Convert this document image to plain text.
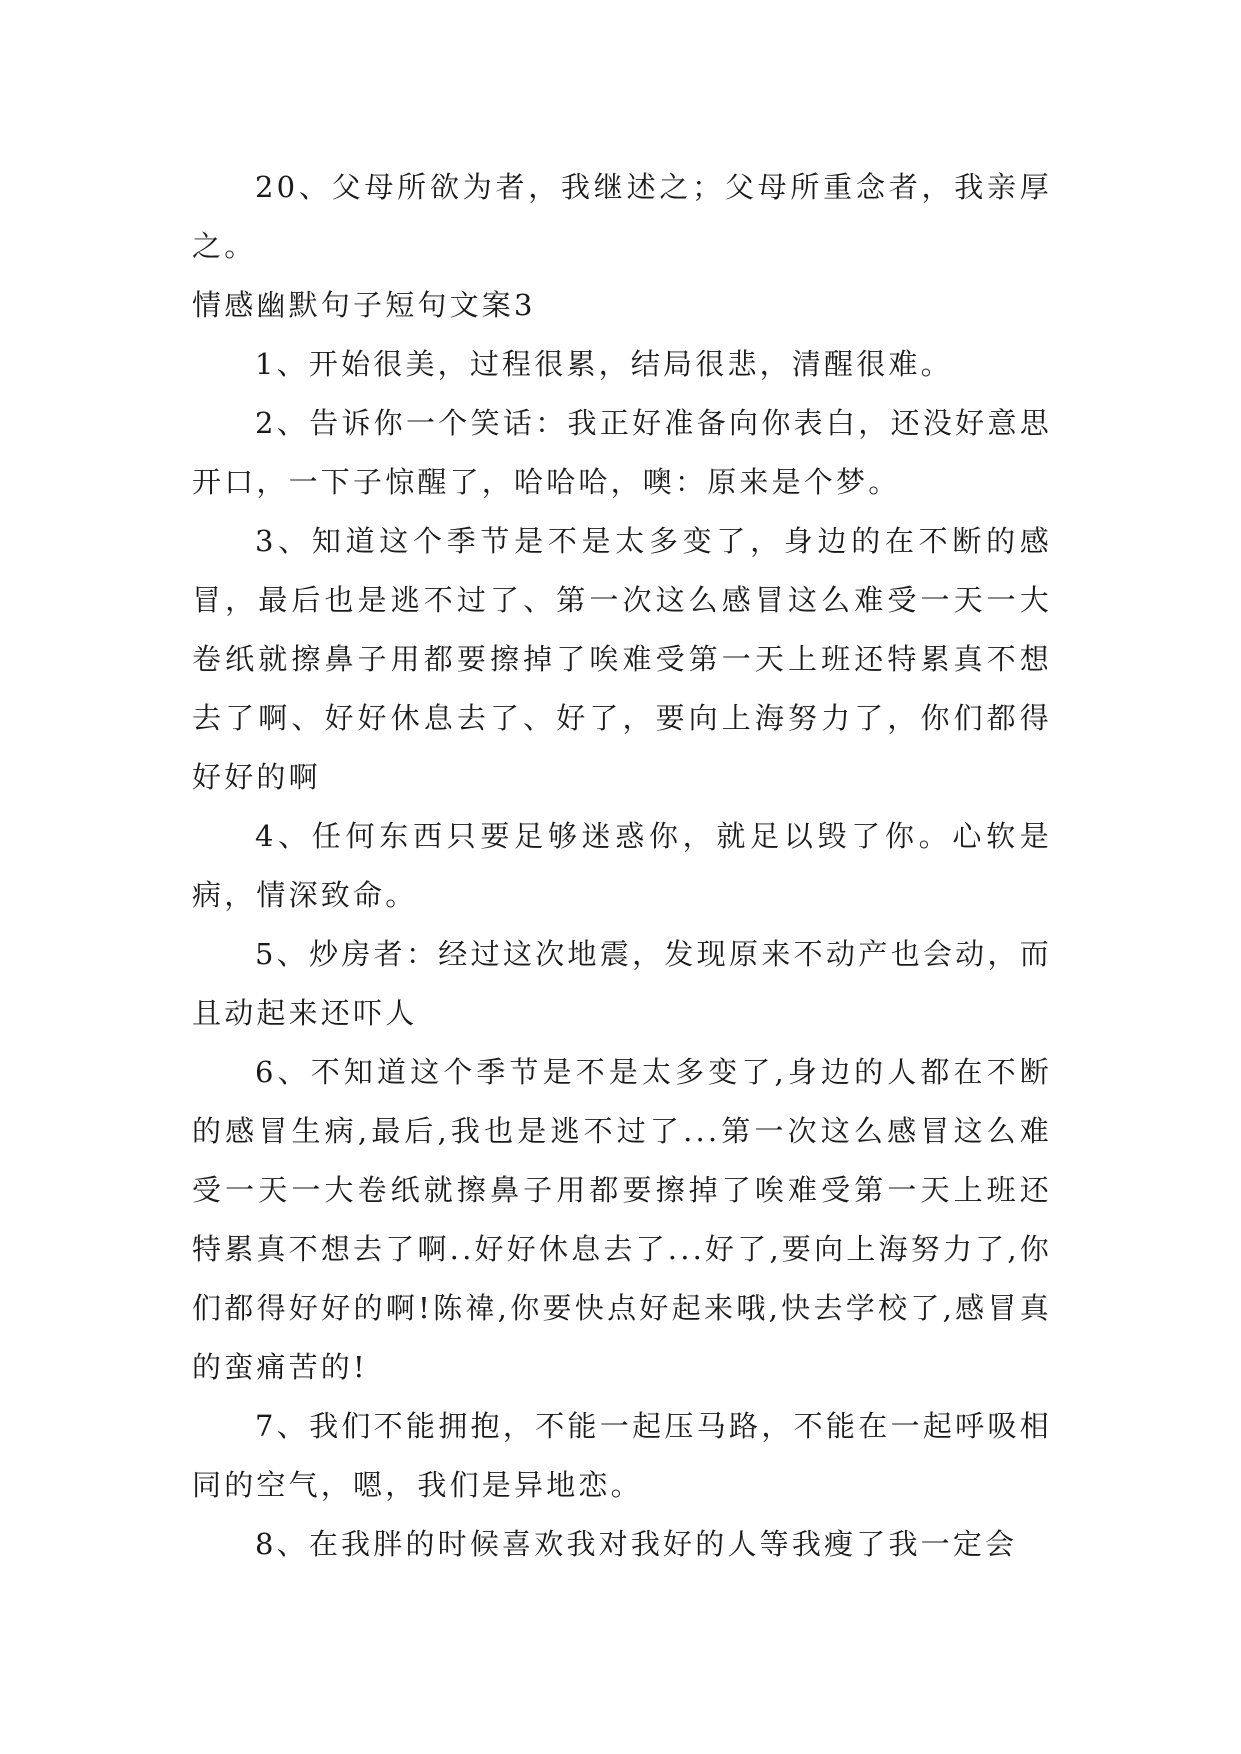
20、父母所欲为者，我继述之；父母所重念者，我亲厚之。

情感幽默句子短句文案3

1、开始很美，过程很累，结局很悲，清醒很难。

2、告诉你一个笑话：我正好准备向你表白，还没好意思开口，一下子惊醒了，哈哈哈，噢：原来是个梦。

3、知道这个季节是不是太多变了，身边的在不断的感冒，最后也是逃不过了、第一次这么感冒这么难受一天一大卷纸就擦鼻子用都要擦掉了唉难受第一天上班还特累真不想去了啊、好好休息去了、好了，要向上海努力了，你们都得好好的啊

4、任何东西只要足够迷惑你，就足以毁了你。心软是病，情深致命。

5、炒房者：经过这次地震，发现原来不动产也会动，而且动起来还吓人

6、不知道这个季节是不是太多变了,身边的人都在不断的感冒生病,最后,我也是逃不过了...第一次这么感冒这么难受一天一大卷纸就擦鼻子用都要擦掉了唉难受第一天上班还特累真不想去了啊..好好休息去了...好了,要向上海努力了,你们都得好好的啊!陈禕,你要快点好起来哦,快去学校了,感冒真的蛮痛苦的!

7、我们不能拥抱，不能一起压马路，不能在一起呼吸相同的空气，嗯，我们是异地恋。

8、在我胖的时候喜欢我对我好的人等我瘦了我一定会
